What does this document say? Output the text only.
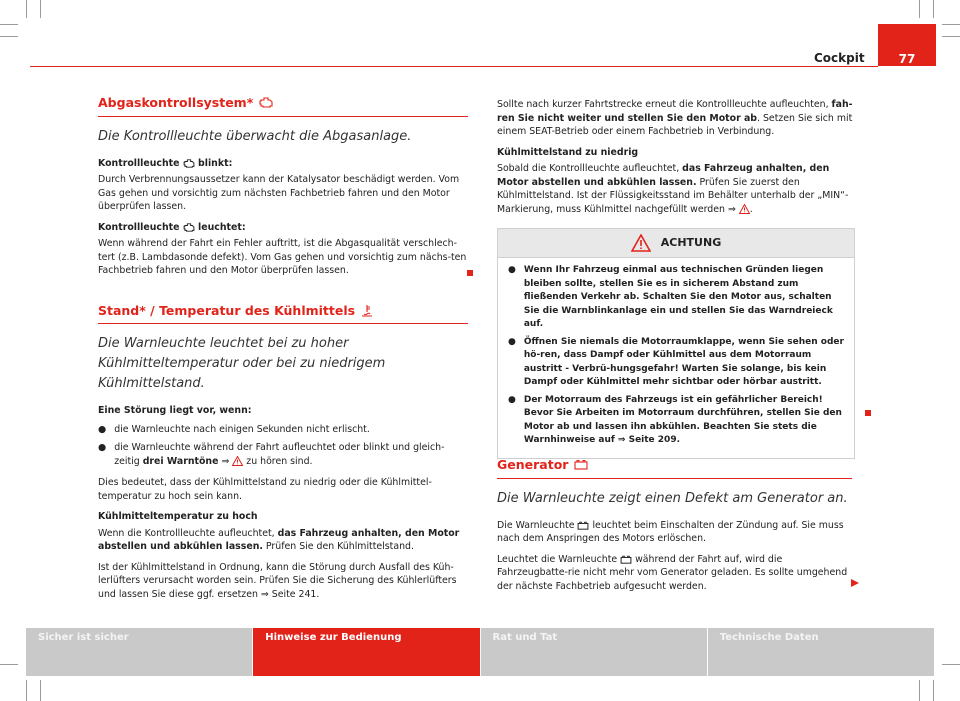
Cockpit	77
Abgaskontrollsystem*
Die Kontrollleuchte überwacht die Abgasanlage.

Kontrollleuchte blinkt:

Durch Verbrennungsaussetzer kann der Katalysator beschädigt werden. Vom Gas gehen und vorsichtig zum nächsten Fachbetrieb fahren und den Motor überprüfen lassen.

Kontrollleuchte leuchtet:

Wenn während der Fahrt ein Fehler auftritt, ist die Abgasqualität verschlech-tert (z.B. Lambdasonde defekt). Vom Gas gehen und vorsichtig zum nächs-ten Fachbetrieb fahren und den Motor überprüfen lassen.

Stand* / Temperatur des Kühlmittels
Die Warnleuchte leuchtet bei zu hoher Kühlmitteltemperatur oder bei zu niedrigem Kühlmittelstand.

Eine Störung liegt vor, wenn:

● die Warnleuchte nach einigen Sekunden nicht erlischt.
● die Warnleuchte während der Fahrt aufleuchtet oder blinkt und gleich-zeitig drei Warntöne ⇒ zu hören sind.

Dies bedeutet, dass der Kühlmittelstand zu niedrig oder die Kühlmittel-temperatur zu hoch sein kann.

Kühlmitteltemperatur zu hoch

Wenn die Kontrollleuchte aufleuchtet, das Fahrzeug anhalten, den Motor abstellen und abkühlen lassen. Prüfen Sie den Kühlmittelstand.

Ist der Kühlmittelstand in Ordnung, kann die Störung durch Ausfall des Küh-lerlüfters verursacht worden sein. Prüfen Sie die Sicherung des Kühlerlüfters und lassen Sie diese ggf. ersetzen ⇒ Seite 241.

Sollte nach kurzer Fahrtstrecke erneut die Kontrollleuchte aufleuchten, fah-ren Sie nicht weiter und stellen Sie den Motor ab. Setzen Sie sich mit einem SEAT-Betrieb oder einem Fachbetrieb in Verbindung.

Kühlmittelstand zu niedrig

Sobald die Kontrollleuchte aufleuchtet, das Fahrzeug anhalten, den Motor abstellen und abkühlen lassen. Prüfen Sie zuerst den Kühlmittelstand. Ist der Flüssigkeitsstand im Behälter unterhalb der „MIN“-Markierung, muss Kühlmittel nachgefüllt werden ⇒ .

ACHTUNG
● Wenn Ihr Fahrzeug einmal aus technischen Gründen liegen bleiben sollte, stellen Sie es in sicherem Abstand zum fließenden Verkehr ab. Schalten Sie den Motor aus, schalten Sie die Warnblinkanlage ein und stellen Sie das Warndreieck auf.
● Öffnen Sie niemals die Motorraumklappe, wenn Sie sehen oder hö-ren, dass Dampf oder Kühlmittel aus dem Motorraum austritt - Verbrü-hungsgefahr! Warten Sie solange, bis kein Dampf oder Kühlmittel mehr sichtbar oder hörbar austritt.
● Der Motorraum des Fahrzeugs ist ein gefährlicher Bereich! Bevor Sie Arbeiten im Motorraum durchführen, stellen Sie den Motor ab und lassen ihn abkühlen. Beachten Sie stets die Warnhinweise auf ⇒ Seite 209.
Generator
Die Warnleuchte zeigt einen Defekt am Generator an.

Die Warnleuchte leuchtet beim Einschalten der Zündung auf. Sie muss nach dem Anspringen des Motors erlöschen.

Leuchtet die Warnleuchte während der Fahrt auf, wird die Fahrzeugbatte-rie nicht mehr vom Generator geladen. Es sollte umgehend der nächste Fachbetrieb aufgesucht werden.

Sicher ist sicher	Hinweise zur Bedienung	Rat und Tat	Technische Daten
